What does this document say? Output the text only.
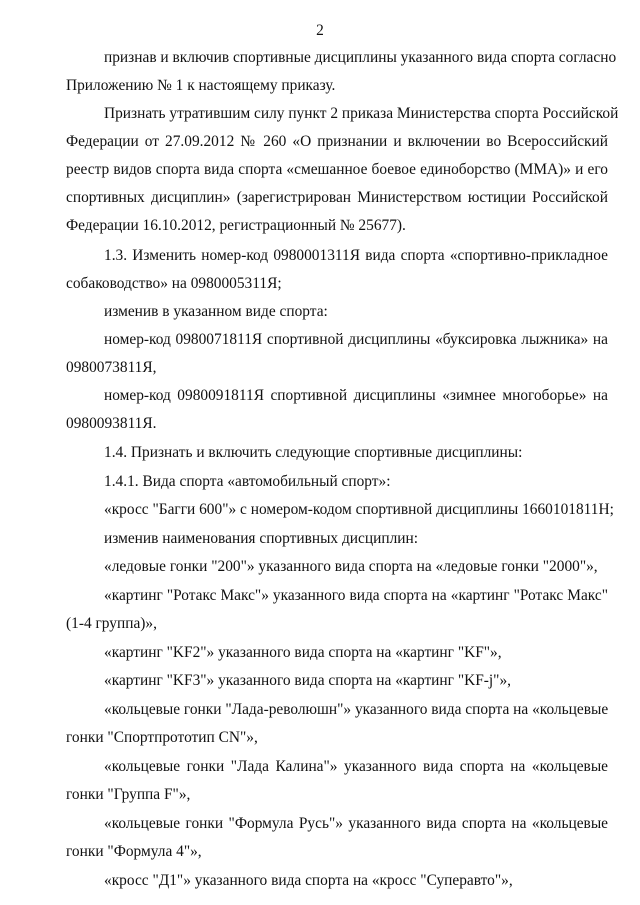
2
признав и включив спортивные дисциплины указанного вида спорта согласно
Приложению № 1 к настоящему приказу.
Признать утратившим силу пункт 2 приказа Министерства спорта Российской
Федерации от 27.09.2012 № 260 «О признании и включении во Всероссийский
реестр видов спорта вида спорта «смешанное боевое единоборство (ММА)» и его
спортивных дисциплин» (зарегистрирован Министерством юстиции Российской
Федерации 16.10.2012, регистрационный № 25677).
1.3. Изменить номер-код 0980001311Я вида спорта «спортивно-прикладное
собаководство» на 0980005311Я;
изменив в указанном виде спорта:
номер-код 0980071811Я спортивной дисциплины «буксировка лыжника» на
0980073811Я,
номер-код 0980091811Я спортивной дисциплины «зимнее многоборье» на
0980093811Я.
1.4. Признать и включить следующие спортивные дисциплины:
1.4.1. Вида спорта «автомобильный спорт»:
«кросс "Багги 600"» с номером-кодом спортивной дисциплины 1660101811Н;
изменив наименования спортивных дисциплин:
«ледовые гонки "200"» указанного вида спорта на «ледовые гонки "2000"»,
«картинг "Ротакс Макс"» указанного вида спорта на «картинг "Ротакс Макс"
(1-4 группа)»,
«картинг "KF2"» указанного вида спорта на «картинг "KF"»,
«картинг "KF3"» указанного вида спорта на «картинг "KF-j"»,
«кольцевые гонки "Лада-революшн"» указанного вида спорта на «кольцевые
гонки "Спортпрототип CN"»,
«кольцевые гонки "Лада Калина"» указанного вида спорта на «кольцевые
гонки "Группа F"»,
«кольцевые гонки "Формула Русь"» указанного вида спорта на «кольцевые
гонки "Формула 4"»,
«кросс "Д1"» указанного вида спорта на «кросс "Суперавто"»,
